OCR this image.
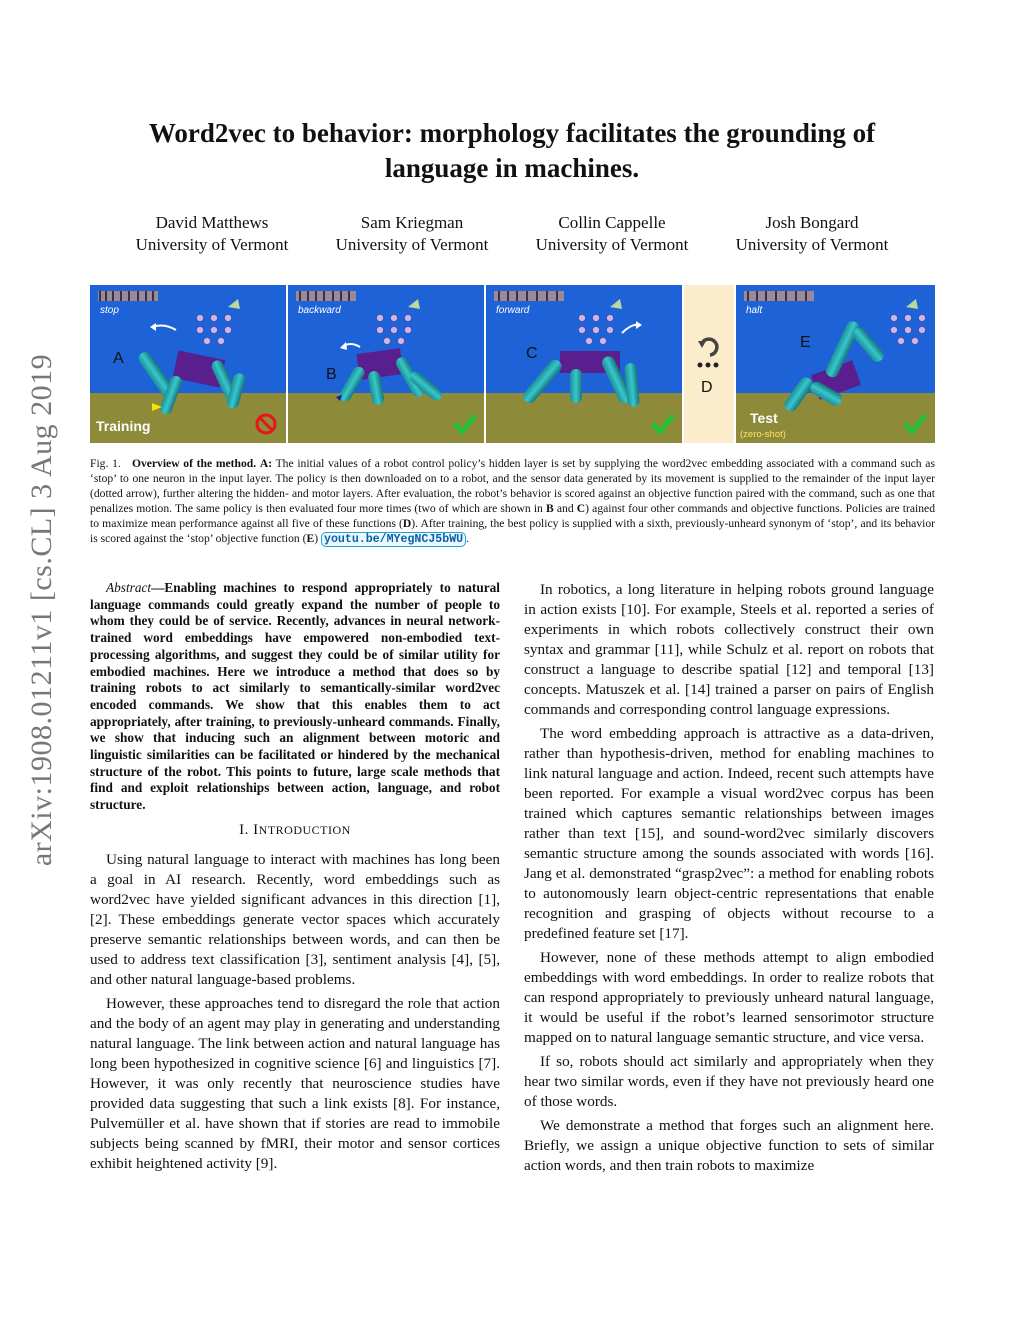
arXiv:1908.01211v1 [cs.CL] 3 Aug 2019
Word2vec to behavior: morphology facilitates the grounding of language in machines.
David Matthews
University of Vermont
Sam Kriegman
University of Vermont
Collin Cappelle
University of Vermont
Josh Bongard
University of Vermont
stop
A
Training
backward
B
forward
C
D
halt
E
Test
(zero-shot)
Fig. 1. Overview of the method. A: The initial values of a robot control policy’s hidden layer is set by supplying the word2vec embedding associated with a command such as ‘stop’ to one neuron in the input layer. The policy is then downloaded on to a robot, and the sensor data generated by its movement is supplied to the remainder of the input layer (dotted arrow), further altering the hidden- and motor layers. After evaluation, the robot’s behavior is scored against an objective function paired with the command, such as one that penalizes motion. The same policy is then evaluated four more times (two of which are shown in B and C) against four other commands and objective functions. Policies are trained to maximize mean performance against all five of these functions (D). After training, the best policy is supplied with a sixth, previously-unheard synonym of ‘stop’, and its behavior is scored against the ‘stop’ objective function (E) youtu.be/MYegNCJ5bWU .

Abstract—Enabling machines to respond appropriately to natural language commands could greatly expand the number of people to whom they could be of service. Recently, advances in neural network-trained word embeddings have empowered non-embodied text-processing algorithms, and suggest they could be of similar utility for embodied machines. Here we introduce a method that does so by training robots to act similarly to semantically-similar word2vec encoded commands. We show that this enables them to act appropriately, after training, to previously-unheard commands. Finally, we show that inducing such an alignment between motoric and linguistic similarities can be facilitated or hindered by the mechanical structure of the robot. This points to future, large scale methods that find and exploit relationships between action, language, and robot structure.

I. INTRODUCTION

Using natural language to interact with machines has long been a goal in AI research. Recently, word embeddings such as word2vec have yielded significant advances in this direction [1], [2]. These embeddings generate vector spaces which accurately preserve semantic relationships between words, and can then be used to address text classification [3], sentiment analysis [4], [5], and other natural language-based problems.

However, these approaches tend to disregard the role that action and the body of an agent may play in generating and understanding natural language. The link between action and natural language has long been hypothesized in cognitive science [6] and linguistics [7]. However, it was only recently that neuroscience studies have provided data suggesting that such a link exists [8]. For instance, Pulvemüller et al. have shown that if stories are read to immobile subjects being scanned by fMRI, their motor and sensor cortices exhibit heightened activity [9].

In robotics, a long literature in helping robots ground language in action exists [10]. For example, Steels et al. reported a series of experiments in which robots collectively construct their own syntax and grammar [11], while Schulz et al. report on robots that construct a language to describe spatial [12] and temporal [13] concepts. Matuszek et al. [14] trained a parser on pairs of English commands and corresponding control language expressions.

The word embedding approach is attractive as a data-driven, rather than hypothesis-driven, method for enabling machines to link natural language and action. Indeed, recent such attempts have been reported. For example a visual word2vec corpus has been trained which captures semantic relationships between images rather than text [15], and sound-word2vec similarly discovers semantic structure among the sounds associated with words [16]. Jang et al. demonstrated “grasp2vec”: a method for enabling robots to autonomously learn object-centric representations that enable recognition and grasping of objects without recourse to a predefined feature set [17].

However, none of these methods attempt to align embodied embeddings with word embeddings. In order to realize robots that can respond appropriately to previously unheard natural language, it would be useful if the robot’s learned sensorimotor structure mapped on to natural language semantic structure, and vice versa.

If so, robots should act similarly and appropriately when they hear two similar words, even if they have not previously heard one of those words.

We demonstrate a method that forges such an alignment here. Briefly, we assign a unique objective function to sets of similar action words, and then train robots to maximize
